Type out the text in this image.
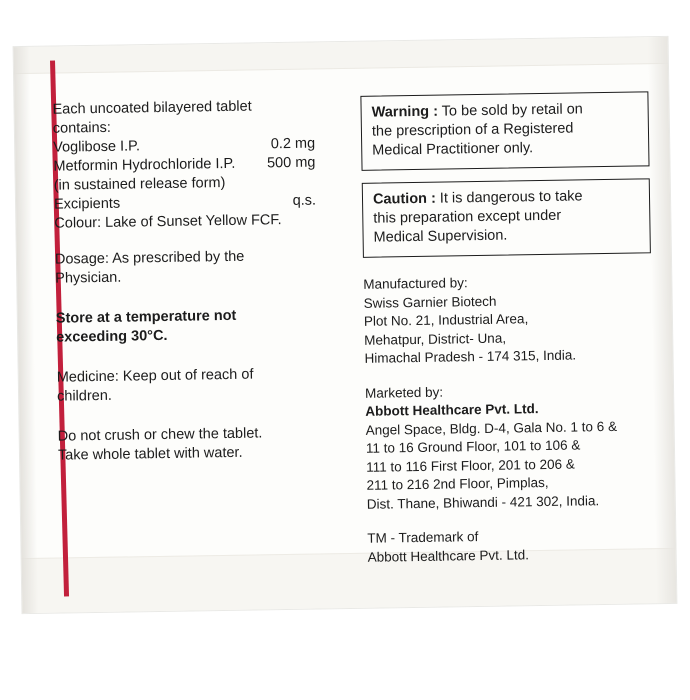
Each uncoated bilayered tablet
contains:
Voglibose I.P.	0.2 mg
Metformin Hydrochloride I.P.	500 mg
(in sustained release form)
Excipients	q.s.
Colour: Lake of Sunset Yellow FCF.
Dosage: As prescribed by the
Physician.
Store at a temperature not
exceeding 30°C.
Medicine: Keep out of reach of
children.
Do not crush or chew the tablet.
Take whole tablet with water.
Warning : To be sold by retail on
the prescription of a Registered
Medical Practitioner only.
Caution : It is dangerous to take
this preparation except under
Medical Supervision.
Manufactured by:
Swiss Garnier Biotech
Plot No. 21, Industrial Area,
Mehatpur, District- Una,
Himachal Pradesh - 174 315, India.
Marketed by:
Abbott Healthcare Pvt. Ltd.
Angel Space, Bldg. D-4, Gala No. 1 to 6 &
11 to 16 Ground Floor, 101 to 106 &
111 to 116 First Floor, 201 to 206 &
211 to 216 2nd Floor, Pimplas,
Dist. Thane, Bhiwandi - 421 302, India.
TM - Trademark of
Abbott Healthcare Pvt. Ltd.
